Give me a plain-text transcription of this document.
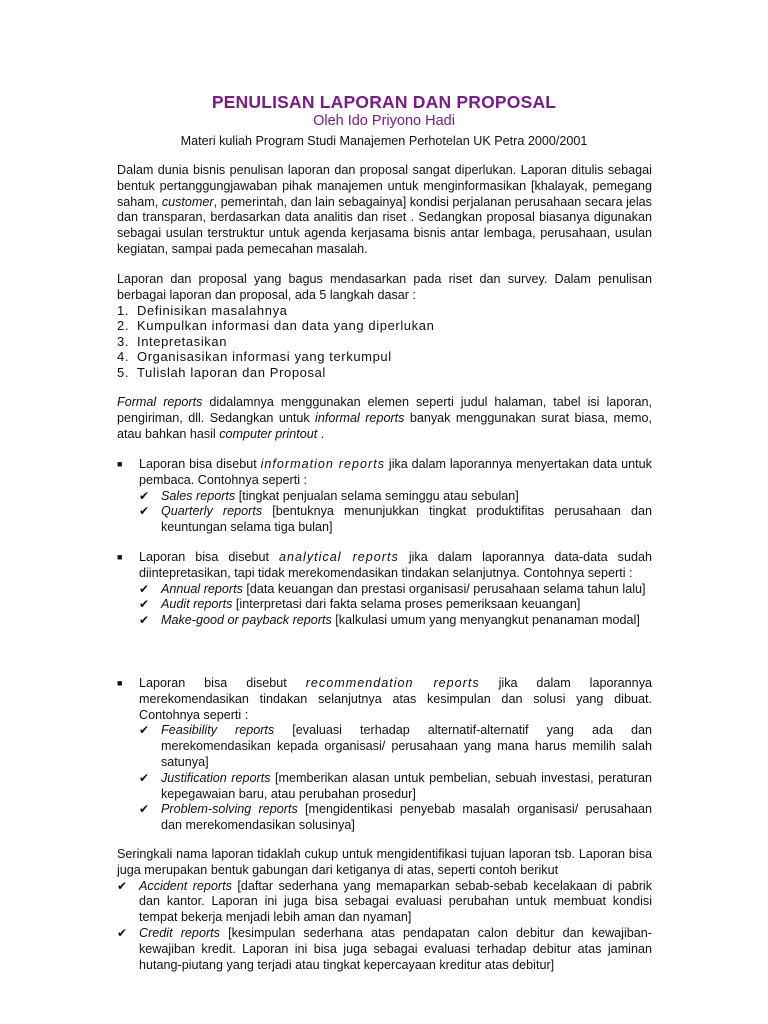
PENULISAN LAPORAN DAN PROPOSAL
Oleh Ido Priyono Hadi
Materi kuliah Program Studi Manajemen Perhotelan UK Petra 2000/2001

Dalam dunia bisnis penulisan laporan dan proposal sangat diperlukan. Laporan ditulis sebagai bentuk pertanggungjawaban pihak manajemen untuk menginformasikan [khalayak, pemegang saham, customer, pemerintah, dan lain sebagainya] kondisi perjalanan perusahaan secara jelas dan transparan, berdasarkan data analitis dan riset . Sedangkan proposal biasanya digunakan sebagai usulan terstruktur untuk agenda kerjasama bisnis antar lembaga, perusahaan, usulan kegiatan, sampai pada pemecahan masalah.

Laporan dan proposal yang bagus mendasarkan pada riset dan survey. Dalam penulisan berbagai laporan dan proposal, ada 5 langkah dasar :

1. Definisikan masalahnya
2. Kumpulkan informasi dan data yang diperlukan
3. Intepretasikan
4. Organisasikan informasi yang terkumpul
5. Tulislah laporan dan Proposal

Formal reports didalamnya menggunakan elemen seperti judul halaman, tabel isi laporan, pengiriman, dll. Sedangkan untuk informal reports banyak menggunakan surat biasa, memo, atau bahkan hasil computer printout .

■ Laporan bisa disebut information reports jika dalam laporannya menyertakan data untuk pembaca. Contohnya seperti :
✔ Sales reports [tingkat penjualan selama seminggu atau sebulan]
✔ Quarterly reports [bentuknya menunjukkan tingkat produktifitas perusahaan dan keuntungan selama tiga bulan]
■ Laporan bisa disebut analytical reports jika dalam laporannya data-data sudah diintepretasikan, tapi tidak merekomendasikan tindakan selanjutnya. Contohnya seperti :
✔ Annual reports [data keuangan dan prestasi organisasi/ perusahaan selama tahun lalu]
✔ Audit reports [interpretasi dari fakta selama proses pemeriksaan keuangan]
✔ Make-good or payback reports [kalkulasi umum yang menyangkut penanaman modal]
■ Laporan bisa disebut recommendation reports jika dalam laporannya merekomendasikan tindakan selanjutnya atas kesimpulan dan solusi yang dibuat. Contohnya seperti :
✔ Feasibility reports [evaluasi terhadap alternatif-alternatif yang ada dan merekomendasikan kepada organisasi/ perusahaan yang mana harus memilih salah satunya]
✔ Justification reports [memberikan alasan untuk pembelian, sebuah investasi, peraturan kepegawaian baru, atau perubahan prosedur]
✔ Problem-solving reports [mengidentikasi penyebab masalah organisasi/ perusahaan dan merekomendasikan solusinya]

Seringkali nama laporan tidaklah cukup untuk mengidentifikasi tujuan laporan tsb. Laporan bisa juga merupakan bentuk gabungan dari ketiganya di atas, seperti contoh berikut

✔ Accident reports [daftar sederhana yang memaparkan sebab-sebab kecelakaan di pabrik dan kantor. Laporan ini juga bisa sebagai evaluasi perubahan untuk membuat kondisi tempat bekerja menjadi lebih aman dan nyaman]
✔ Credit reports [kesimpulan sederhana atas pendapatan calon debitur dan kewajiban-kewajiban kredit. Laporan ini bisa juga sebagai evaluasi terhadap debitur atas jaminan hutang-piutang yang terjadi atau tingkat kepercayaan kreditur atas debitur]
